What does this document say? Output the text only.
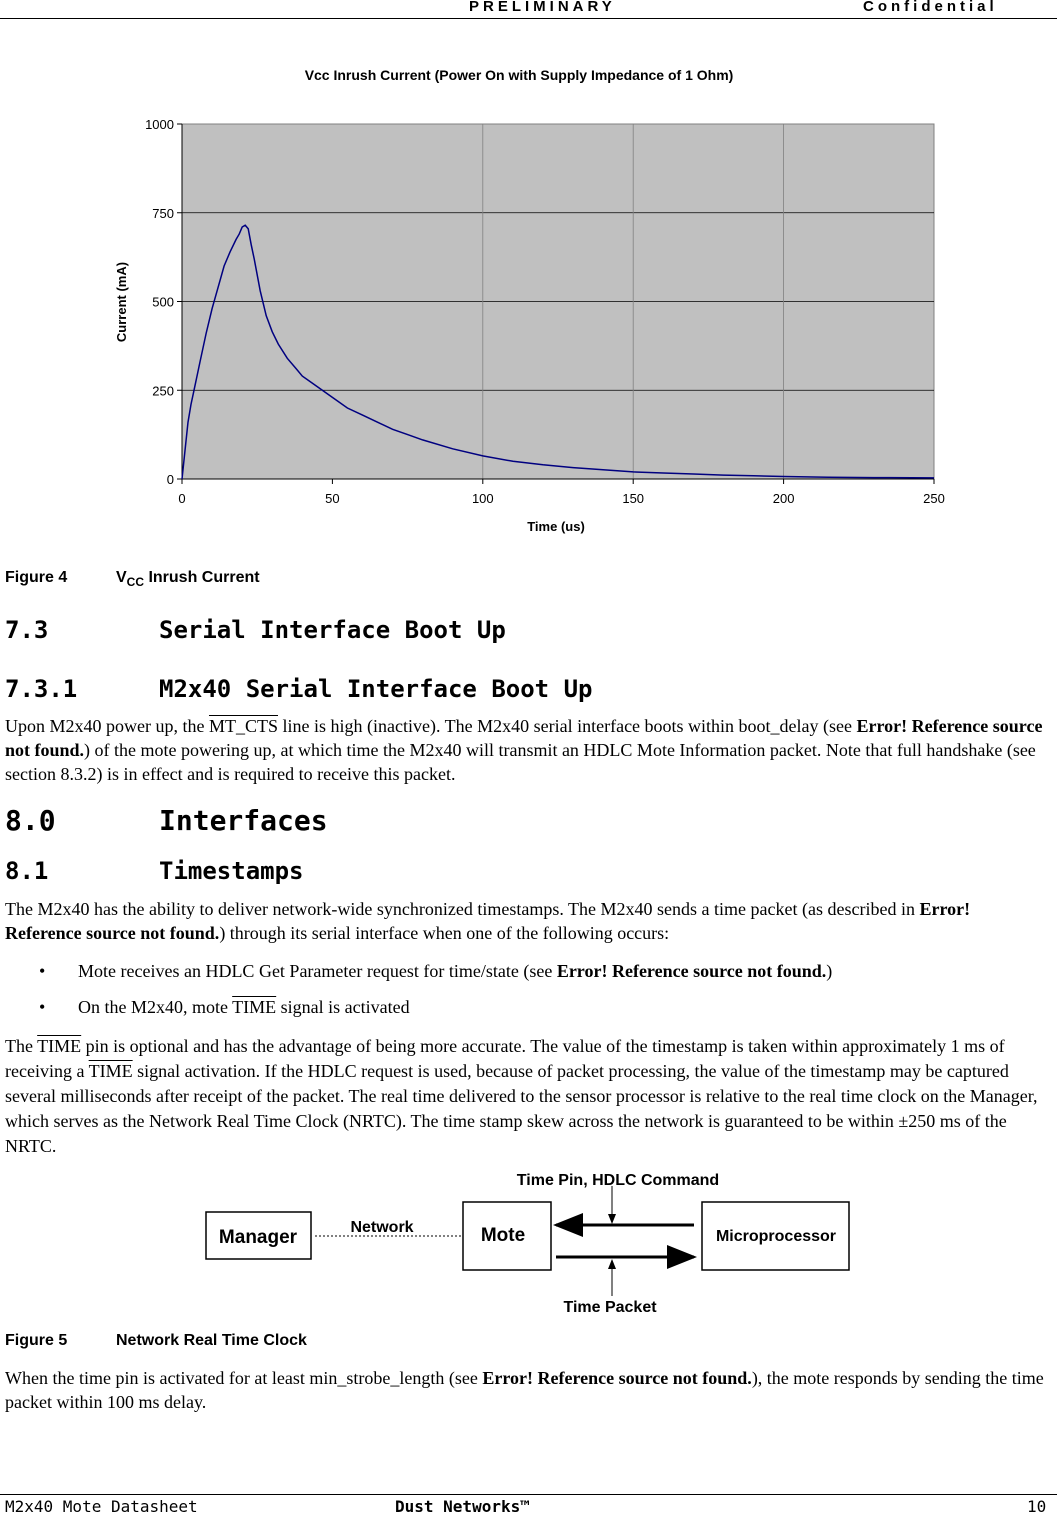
PRELIMINARY	Confidential
Vcc Inrush Current (Power On with Supply Impedance of 1 Ohm)
0
250
500
750
1000
0	50	100	150	200	250
Time (us)
Current (mA)
Figure 4	$V_{CC}$ Inrush Current
7.3	Serial Interface Boot Up
7.3.1	M2x40 Serial Interface Boot Up

Upon M2x40 power up, the MT_CTS line is high (inactive). The M2x40 serial interface boots within boot_delay (see Error! Reference source not found.) of the mote powering up, at which time the M2x40 will transmit an HDLC Mote Information packet. Note that full handshake (see section 8.3.2) is in effect and is required to receive this packet.

8.0	Interfaces
8.1	Timestamps

The M2x40 has the ability to deliver network-wide synchronized timestamps. The M2x40 sends a time packet (as described in Error! Reference source not found.) through its serial interface when one of the following occurs:

• Mote receives an HDLC Get Parameter request for time/state (see Error! Reference source not found.)
• On the M2x40, mote TIME signal is activated

The TIME pin is optional and has the advantage of being more accurate. The value of the timestamp is taken within approximately 1 ms of receiving a TIME signal activation. If the HDLC request is used, because of packet processing, the value of the timestamp may be captured several milliseconds after receipt of the packet. The real time delivered to the sensor processor is relative to the real time clock on the Manager, which serves as the Network Real Time Clock (NRTC). The time stamp skew across the network is guaranteed to be within ±250 ms of the NRTC.

Manager	Network	Mote	Microprocessor
Time Pin, HDLC Command
Time Packet
Figure 5	Network Real Time Clock

When the time pin is activated for at least min_strobe_length (see Error! Reference source not found.), the mote responds by sending the time packet within 100 ms delay.

M2x40 Mote Datasheet	Dust Networks™	10
